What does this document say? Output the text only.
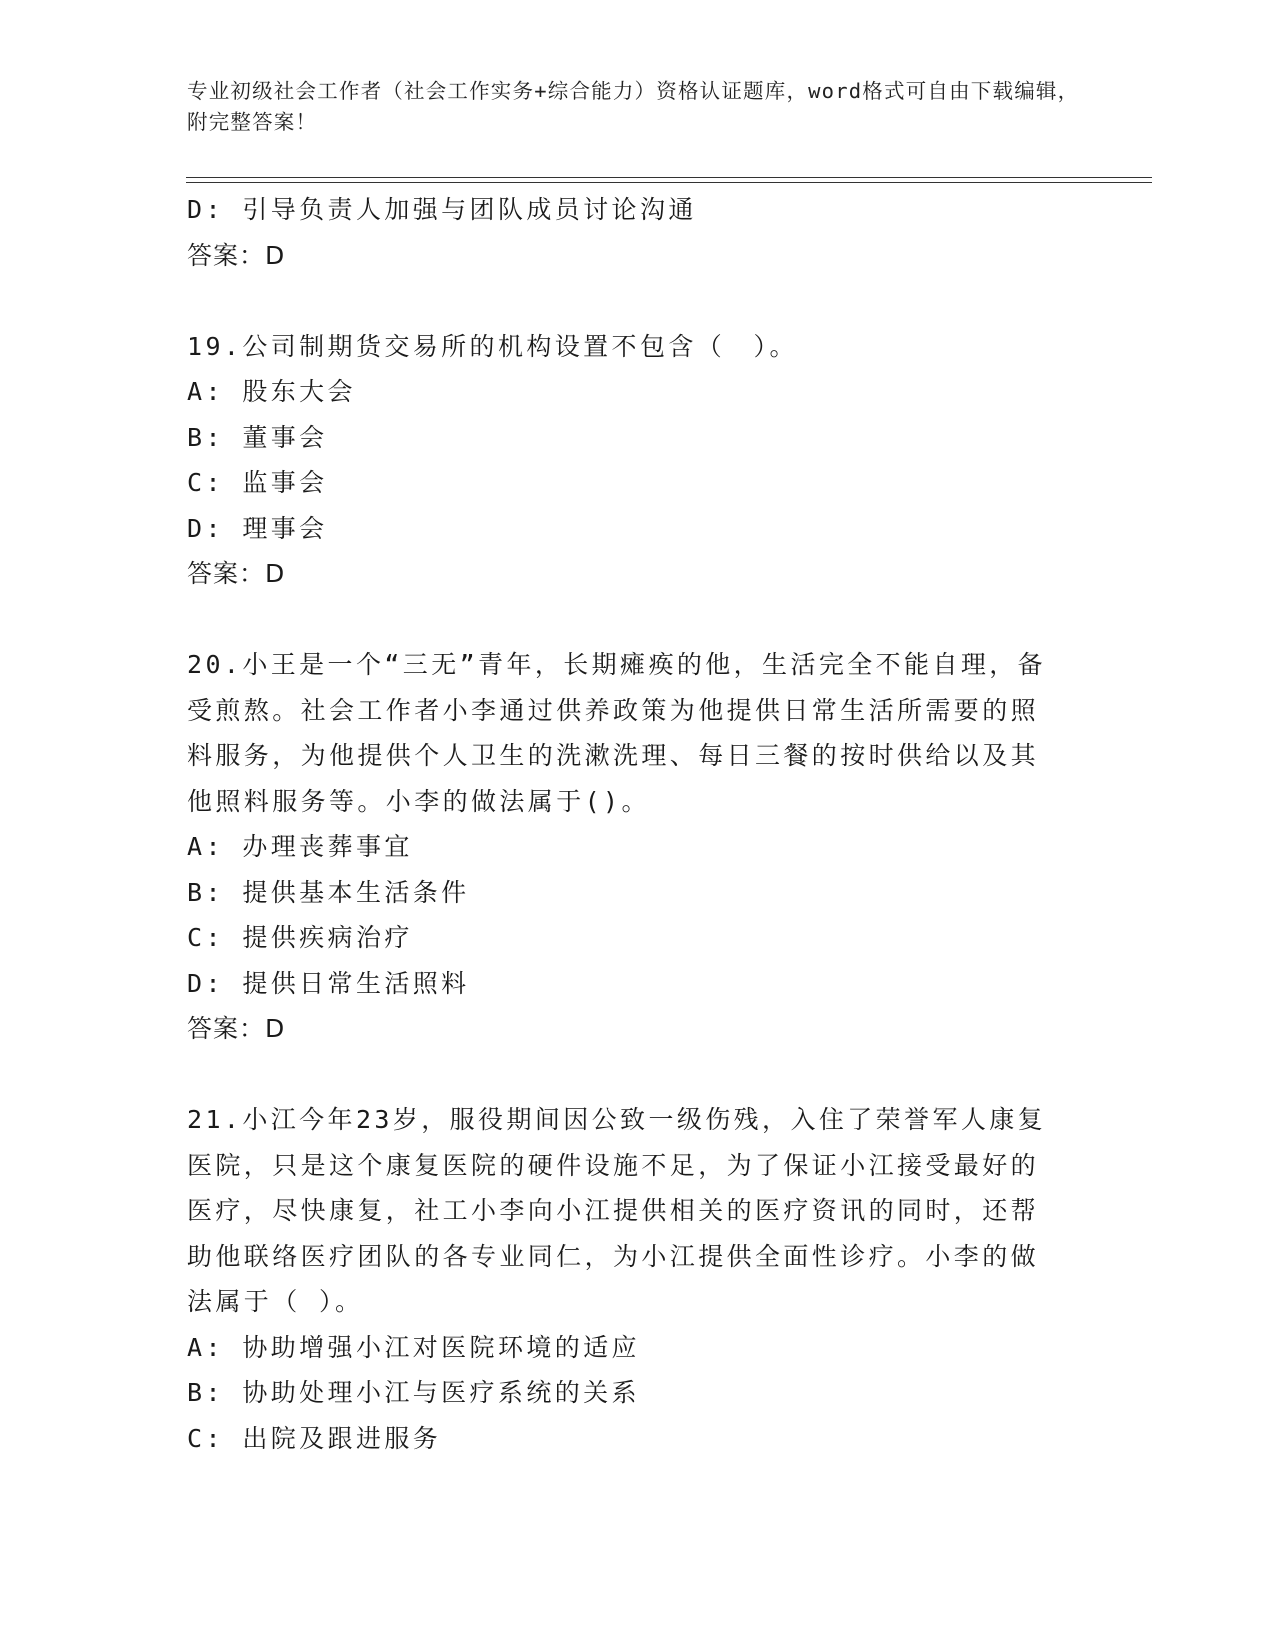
专业初级社会工作者（社会工作实务+综合能力）资格认证题库，word格式可自由下载编辑，附完整答案！

D: 引导负责人加强与团队成员讨论沟通

答案：D

19.公司制期货交易所的机构设置不包含（　）。

A: 股东大会

B: 董事会

C: 监事会

D: 理事会

答案：D

20.小王是一个“三无”青年，长期瘫痪的他，生活完全不能自理，备

受煎熬。社会工作者小李通过供养政策为他提供日常生活所需要的照

料服务，为他提供个人卫生的洗漱洗理、每日三餐的按时供给以及其

他照料服务等。小李的做法属于()。

A: 办理丧葬事宜

B: 提供基本生活条件

C: 提供疾病治疗

D: 提供日常生活照料

答案：D

21.小江今年23岁，服役期间因公致一级伤残，入住了荣誉军人康复

医院，只是这个康复医院的硬件设施不足，为了保证小江接受最好的

医疗，尽快康复，社工小李向小江提供相关的医疗资讯的同时，还帮

助他联络医疗团队的各专业同仁，为小江提供全面性诊疗。小李的做

法属于（ ）。

A: 协助增强小江对医院环境的适应

B: 协助处理小江与医疗系统的关系

C: 出院及跟进服务
